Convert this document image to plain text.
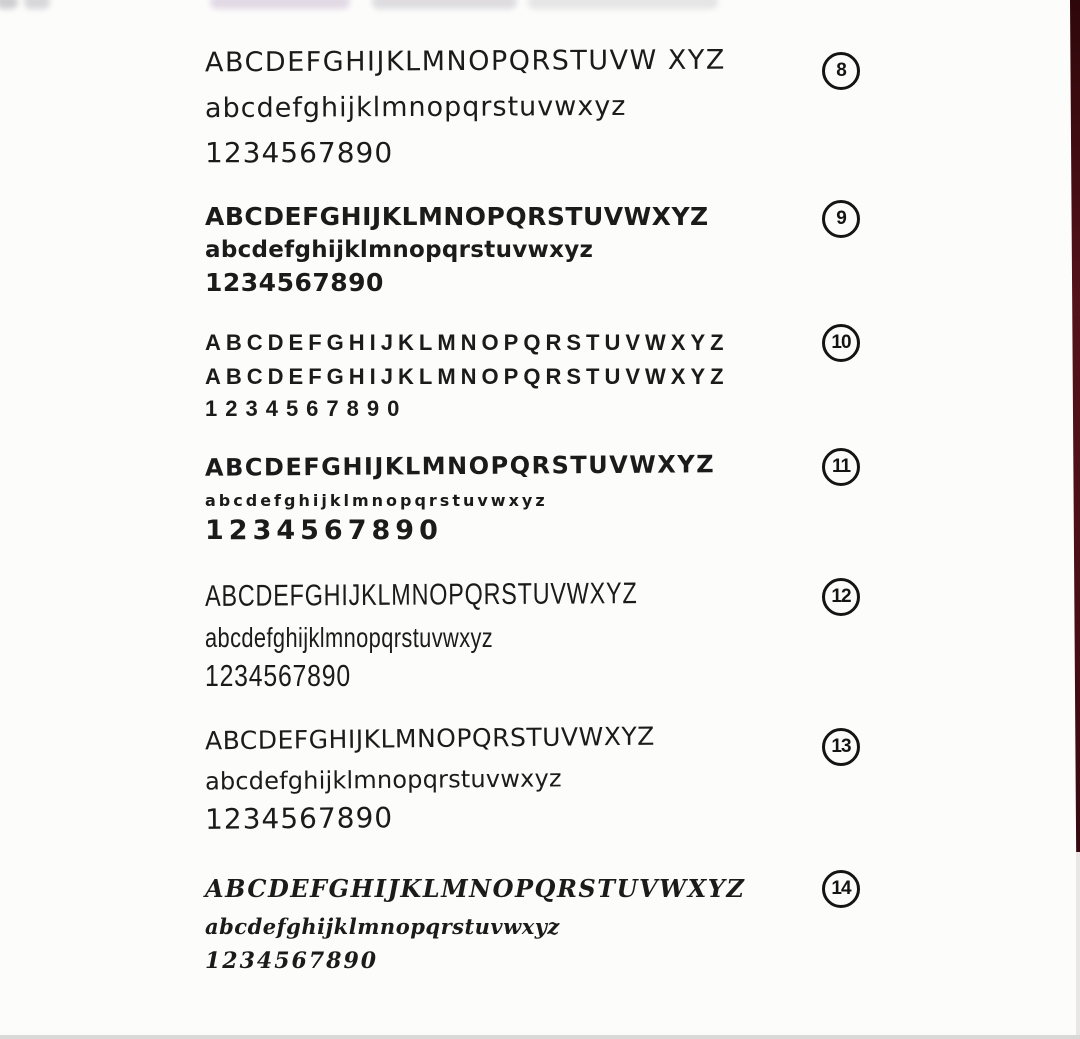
ABCDEFGHIJKLMNOPQRSTUVW XYZ
abcdefghijklmnopqrstuvwxyz
1234567890
8
ABCDEFGHIJKLMNOPQRSTUVWXYZ
abcdefghijklmnopqrstuvwxyz
1234567890
9
ABCDEFGHIJKLMNOPQRSTUVWXYZ
ABCDEFGHIJKLMNOPQRSTUVWXYZ
1234567890
10
ABCDEFGHIJKLMNOPQRSTUVWXYZ
abcdefghijklmnopqrstuvwxyz
1234567890
11
ABCDEFGHIJKLMNOPQRSTUVWXYZ
abcdefghijklmnopqrstuvwxyz
1234567890
12
ABCDEFGHIJKLMNOPQRSTUVWXYZ
abcdefghijklmnopqrstuvwxyz
1234567890
13
ABCDEFGHIJKLMNOPQRSTUVWXYZ
abcdefghijklmnopqrstuvwxyz
1234567890
14
